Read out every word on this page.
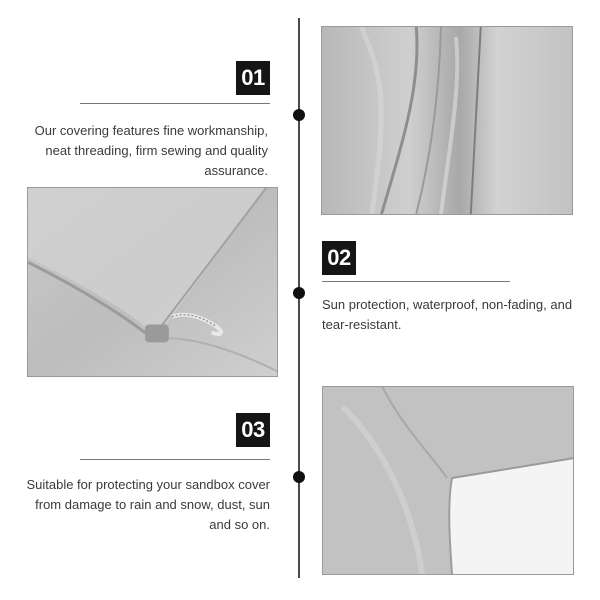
01
Our covering features fine workmanship, neat threading, firm sewing and quality assurance.
02
Sun protection, waterproof, non-fading, and tear-resistant.
03
Suitable for protecting your sandbox cover from damage to rain and snow, dust, sun and so on.
